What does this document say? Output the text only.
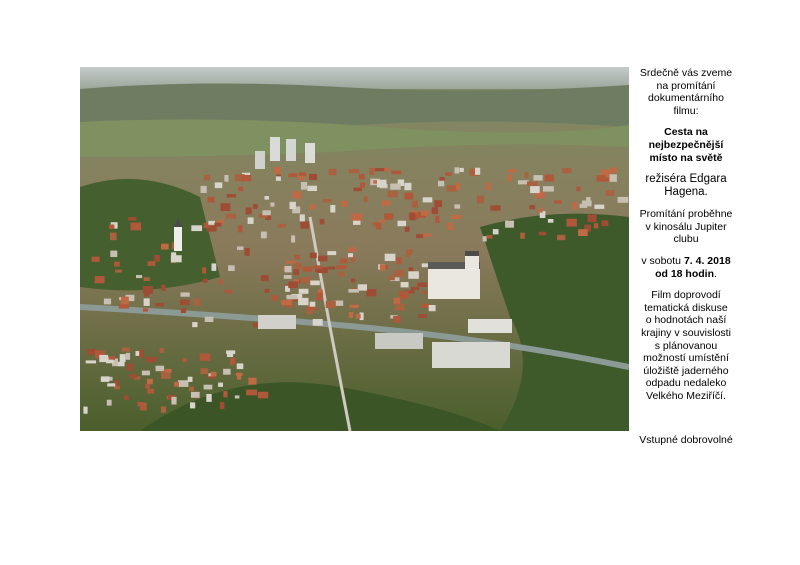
Srdečně vás zveme
na promítání
dokumentárního
filmu:

Cesta na
nejbezpečnější
místo na světě

režiséra Edgara
Hagena.

Promítání proběhne
v kinosálu Jupiter
clubu

v sobotu 7. 4. 2018
od 18 hodin.

Film doprovodí
tematická diskuse
o hodnotách naší
krajiny v souvislosti
s plánovanou
možností umístění
úložiště jaderného
odpadu nedaleko
Velkého Meziříčí.

Vstupné dobrovolné
